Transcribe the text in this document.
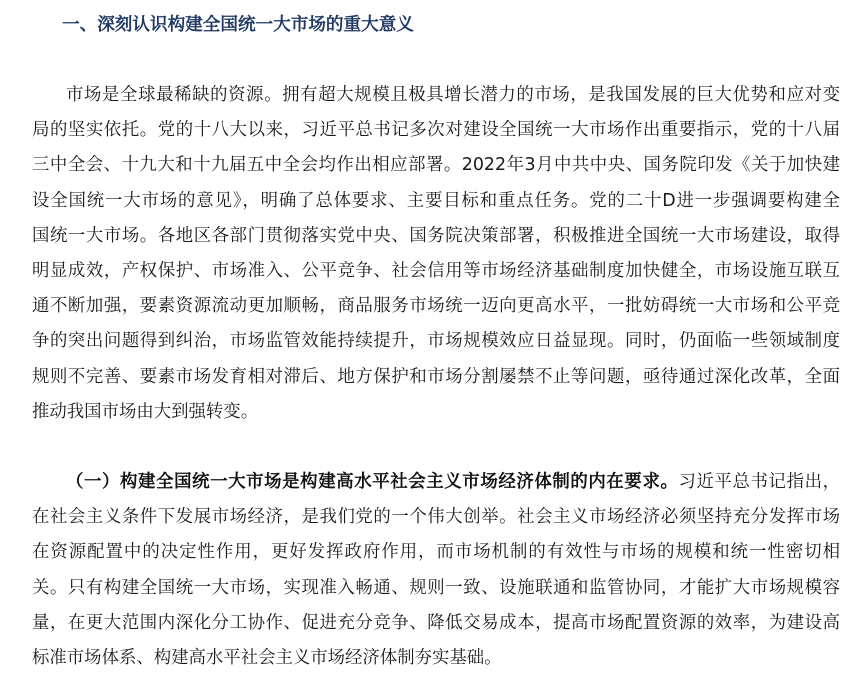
一、深刻认识构建全国统一大市场的重大意义
市场是全球最稀缺的资源。拥有超大规模且极具增长潜力的市场，是我国发展的巨大优势和应对变
局的坚实依托。党的十八大以来，习近平总书记多次对建设全国统一大市场作出重要指示，党的十八届
三中全会、十九大和十九届五中全会均作出相应部署。2022年3月中共中央、国务院印发《关于加快建
设全国统一大市场的意见》，明确了总体要求、主要目标和重点任务。党的二十D进一步强调要构建全
国统一大市场。各地区各部门贯彻落实党中央、国务院决策部署，积极推进全国统一大市场建设，取得
明显成效，产权保护、市场准入、公平竞争、社会信用等市场经济基础制度加快健全，市场设施互联互
通不断加强，要素资源流动更加顺畅，商品服务市场统一迈向更高水平，一批妨碍统一大市场和公平竞
争的突出问题得到纠治，市场监管效能持续提升，市场规模效应日益显现。同时，仍面临一些领域制度
规则不完善、要素市场发育相对滞后、地方保护和市场分割屡禁不止等问题，亟待通过深化改革，全面
推动我国市场由大到强转变。
（一）构建全国统一大市场是构建高水平社会主义市场经济体制的内在要求。习近平总书记指出，
在社会主义条件下发展市场经济，是我们党的一个伟大创举。社会主义市场经济必须坚持充分发挥市场
在资源配置中的决定性作用，更好发挥政府作用，而市场机制的有效性与市场的规模和统一性密切相
关。只有构建全国统一大市场，实现准入畅通、规则一致、设施联通和监管协同，才能扩大市场规模容
量，在更大范围内深化分工协作、促进充分竞争、降低交易成本，提高市场配置资源的效率，为建设高
标准市场体系、构建高水平社会主义市场经济体制夯实基础。
